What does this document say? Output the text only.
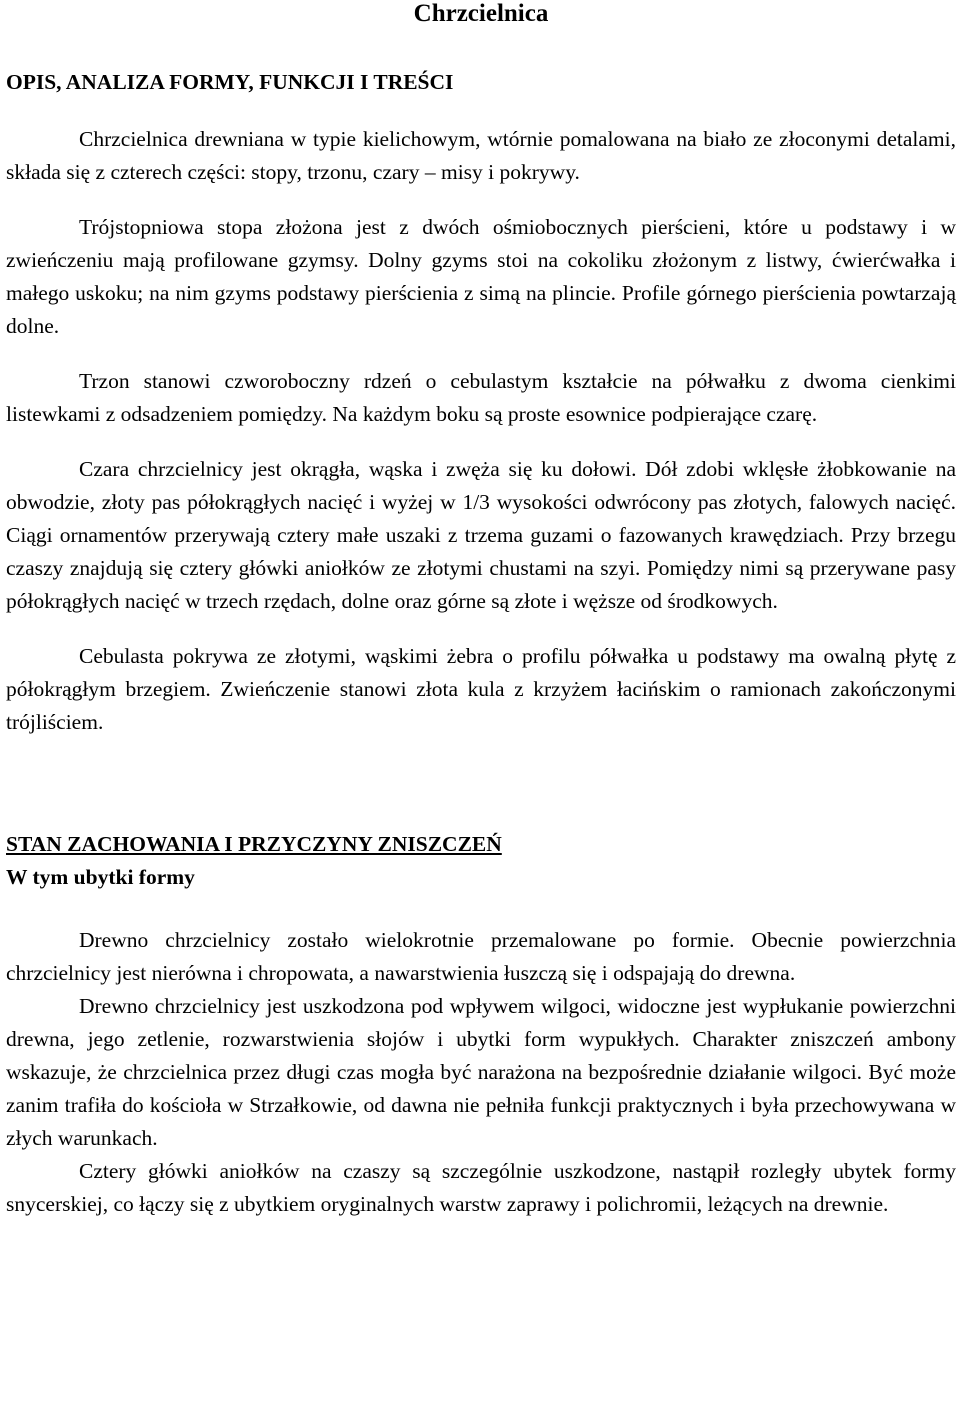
Chrzcielnica
OPIS, ANALIZA FORMY, FUNKCJI I TREŚCI

Chrzcielnica drewniana w typie kielichowym, wtórnie pomalowana na biało ze złoconymi detalami, składa się z czterech części: stopy, trzonu, czary – misy i pokrywy.

Trójstopniowa stopa złożona jest z dwóch ośmiobocznych pierścieni, które u podstawy i w zwieńczeniu mają profilowane gzymsy. Dolny gzyms stoi na cokoliku złożonym z listwy, ćwierćwałka i małego uskoku; na nim gzyms podstawy pierścienia z simą na plincie. Profile górnego pierścienia powtarzają dolne.

Trzon stanowi czworoboczny rdzeń o cebulastym kształcie na półwałku z dwoma cienkimi listewkami z odsadzeniem pomiędzy. Na każdym boku są proste esownice podpierające czarę.

Czara chrzcielnicy jest okrągła, wąska i zwęża się ku dołowi. Dół zdobi wklęsłe żłobkowanie na obwodzie, złoty pas półokrągłych nacięć i wyżej w 1/3 wysokości odwrócony pas złotych, falowych nacięć. Ciągi ornamentów przerywają cztery małe uszaki z trzema guzami o fazowanych krawędziach. Przy brzegu czaszy znajdują się cztery główki aniołków ze złotymi chustami na szyi. Pomiędzy nimi są przerywane pasy półokrągłych nacięć w trzech rzędach, dolne oraz górne są złote i węższe od środkowych.

Cebulasta pokrywa ze złotymi, wąskimi żebra o profilu półwałka u podstawy ma owalną płytę z półokrągłym brzegiem. Zwieńczenie stanowi złota kula z krzyżem łacińskim o ramionach zakończonymi trójliściem.

STAN ZACHOWANIA I PRZYCZYNY ZNISZCZEŃ
W tym ubytki formy

Drewno chrzcielnicy zostało wielokrotnie przemalowane po formie. Obecnie powierzchnia chrzcielnicy jest nierówna i chropowata, a nawarstwienia łuszczą się i odspajają do drewna.

Drewno chrzcielnicy jest uszkodzona pod wpływem wilgoci, widoczne jest wypłukanie powierzchni drewna, jego zetlenie, rozwarstwienia słojów i ubytki form wypukłych. Charakter zniszczeń ambony wskazuje, że chrzcielnica przez długi czas mogła być narażona na bezpośrednie działanie wilgoci. Być może zanim trafiła do kościoła w Strzałkowie, od dawna nie pełniła funkcji praktycznych i była przechowywana w złych warunkach.

Cztery główki aniołków na czaszy są szczególnie uszkodzone, nastąpił rozległy ubytek formy snycerskiej, co łączy się z ubytkiem oryginalnych warstw zaprawy i polichromii, leżących na drewnie.
